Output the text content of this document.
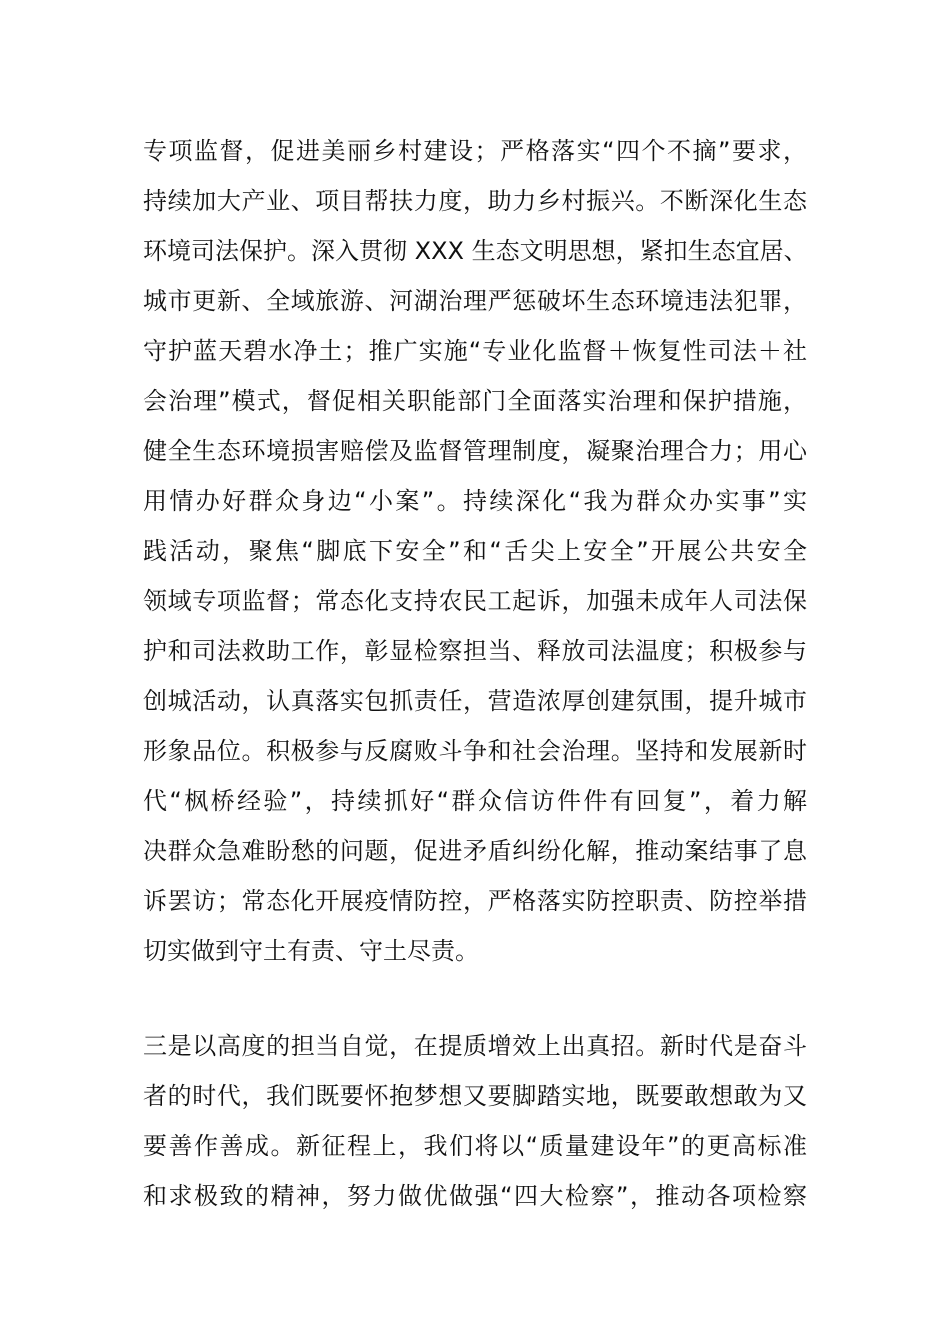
专项监督，促进美丽乡村建设；严格落实“四个不摘”要求，
持续加大产业、项目帮扶力度，助力乡村振兴。不断深化生态
环境司法保护。深入贯彻 XXX 生态文明思想，紧扣生态宜居、
城市更新、全域旅游、河湖治理严惩破坏生态环境违法犯罪，
守护蓝天碧水净土；推广实施“专业化监督＋恢复性司法＋社
会治理”模式，督促相关职能部门全面落实治理和保护措施，
健全生态环境损害赔偿及监督管理制度，凝聚治理合力；用心
用情办好群众身边“小案”。持续深化“我为群众办实事”实
践活动，聚焦“脚底下安全”和“舌尖上安全”开展公共安全
领域专项监督；常态化支持农民工起诉，加强未成年人司法保
护和司法救助工作，彰显检察担当、释放司法温度；积极参与
创城活动，认真落实包抓责任，营造浓厚创建氛围，提升城市
形象品位。积极参与反腐败斗争和社会治理。坚持和发展新时
代“枫桥经验”，持续抓好“群众信访件件有回复”，着力解
决群众急难盼愁的问题，促进矛盾纠纷化解，推动案结事了息
诉罢访；常态化开展疫情防控，严格落实防控职责、防控举措
切实做到守土有责、守土尽责。
三是以高度的担当自觉，在提质增效上出真招。新时代是奋斗
者的时代，我们既要怀抱梦想又要脚踏实地，既要敢想敢为又
要善作善成。新征程上，我们将以“质量建设年”的更高标准
和求极致的精神，努力做优做强“四大检察”，推动各项检察
